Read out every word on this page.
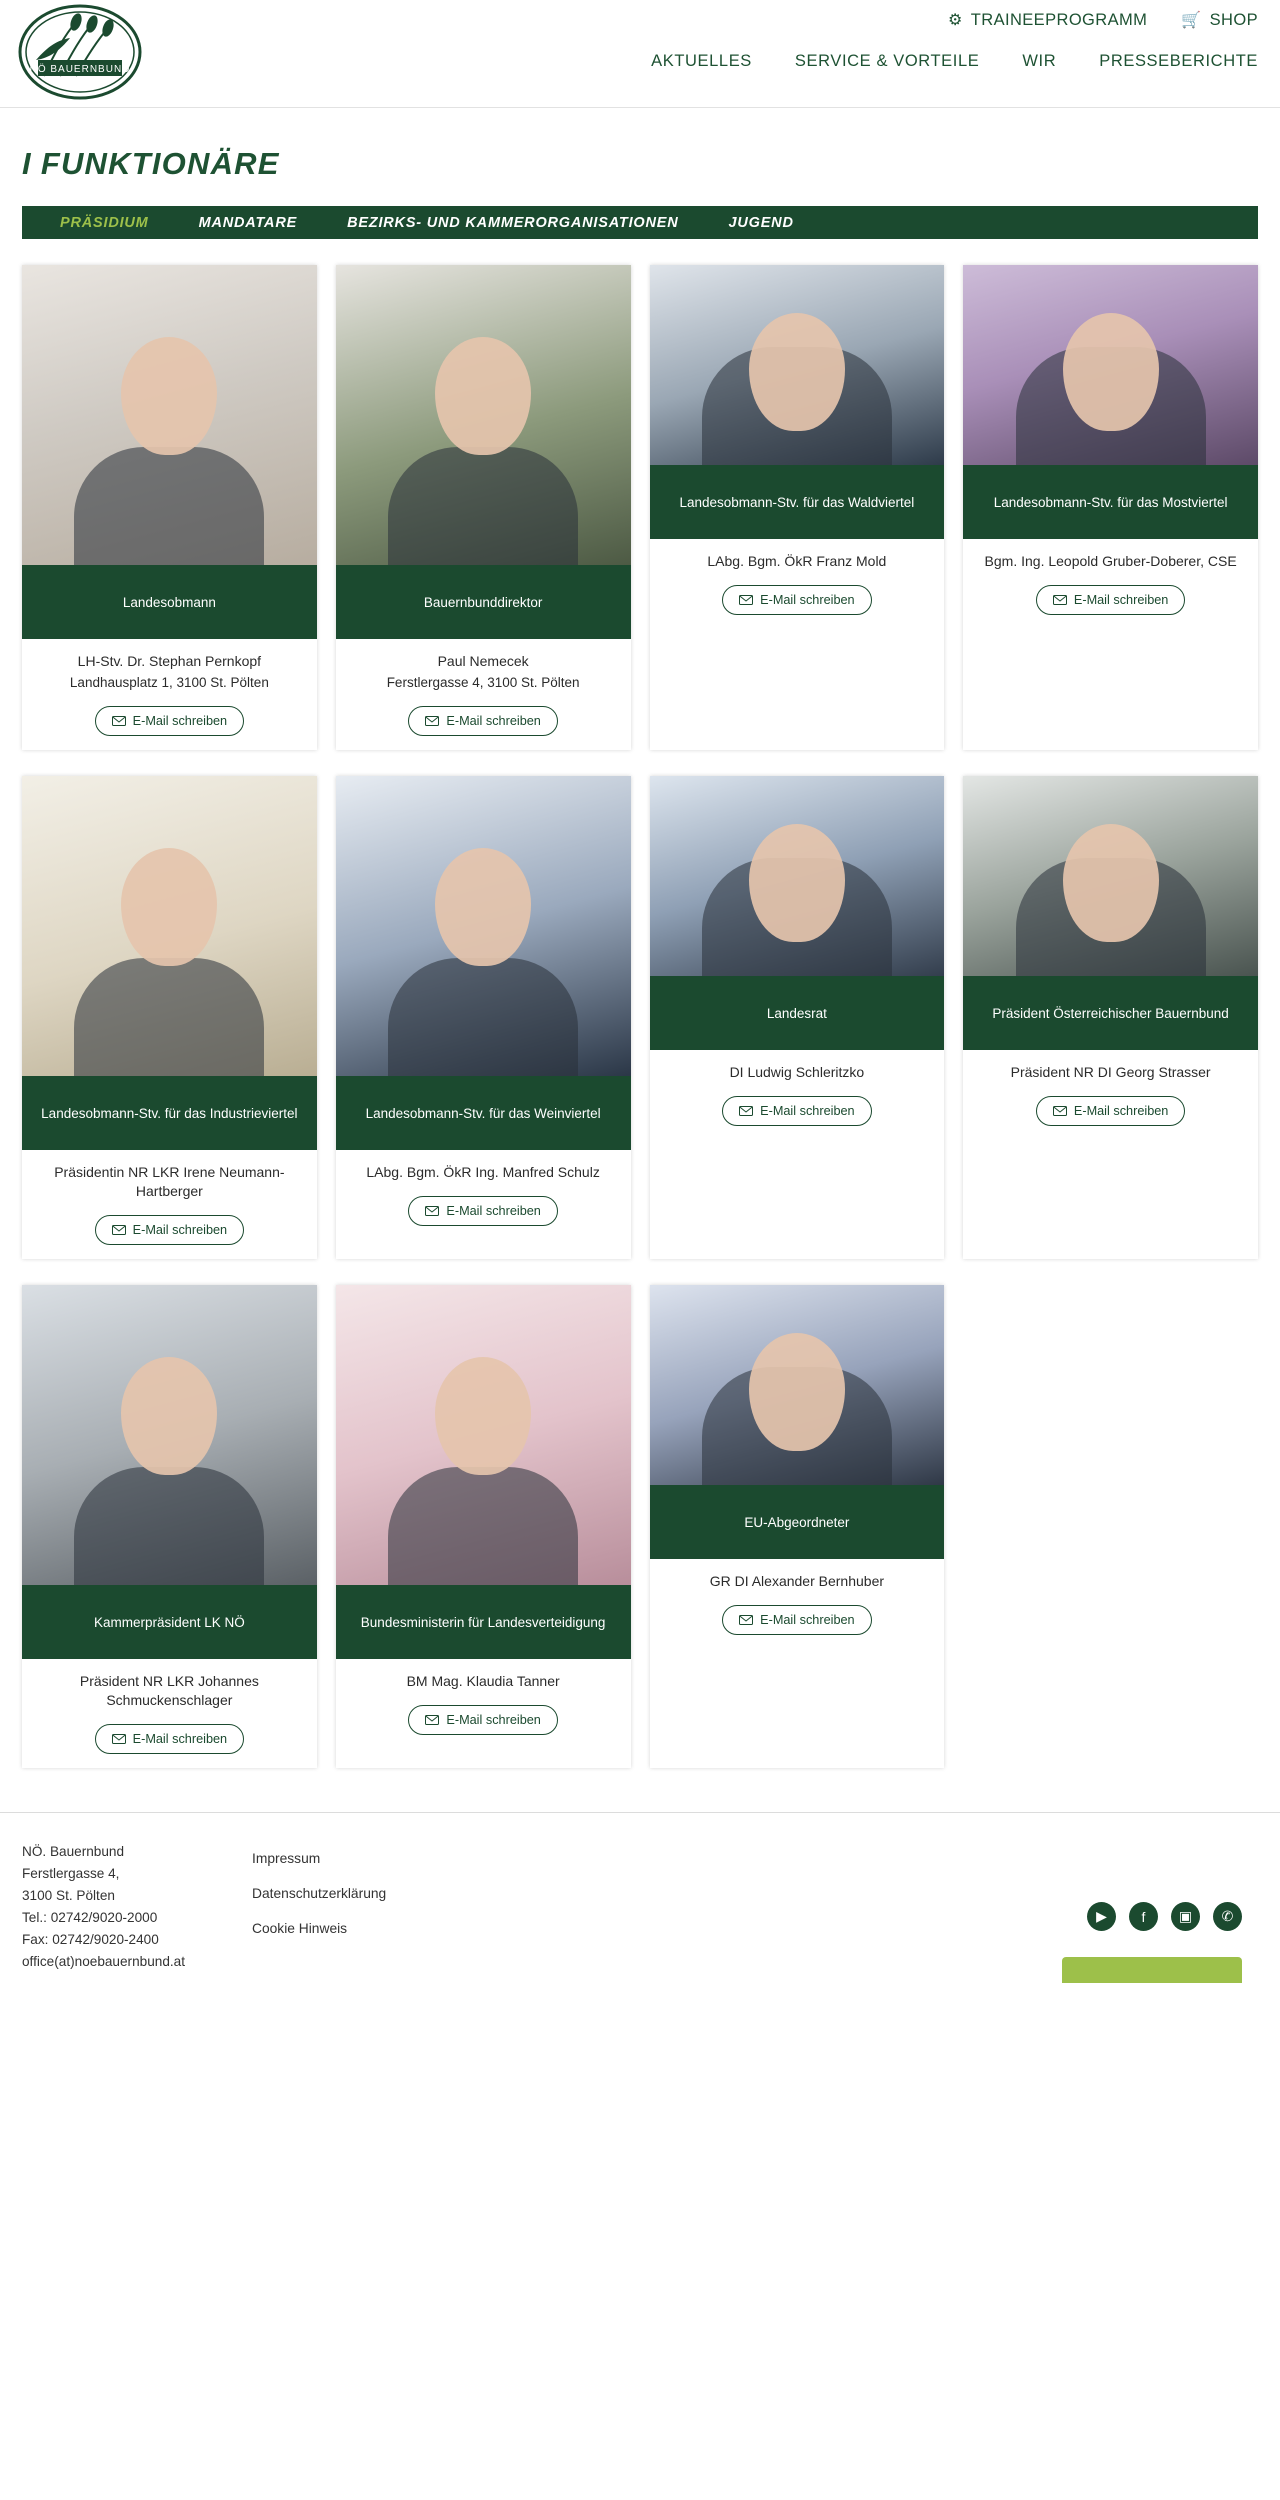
NÖ BAUERNBUND
⚙ TRAINEEPROGRAMM 🛒 SHOP
AKTUELLES	SERVICE & VORTEILE	WIR	PRESSEBERICHTE
I FUNKTIONÄRE
PRÄSIDIUM	MANDATARE	BEZIRKS- UND KAMMERORGANISATIONEN	JUGEND
Landesobmann
LH-Stv. Dr. Stephan Pernkopf
Landhausplatz 1, 3100 St. Pölten
E-Mail schreiben
Bauernbunddirektor
Paul Nemecek
Ferstlergasse 4, 3100 St. Pölten
E-Mail schreiben
Landesobmann-Stv. für das Waldviertel
LAbg. Bgm. ÖkR Franz Mold
E-Mail schreiben
Landesobmann-Stv. für das Mostviertel
Bgm. Ing. Leopold Gruber-Doberer, CSE
E-Mail schreiben
Landesobmann-Stv. für das Industrieviertel
Präsidentin NR LKR Irene Neumann-Hartberger
E-Mail schreiben
Landesobmann-Stv. für das Weinviertel
LAbg. Bgm. ÖkR Ing. Manfred Schulz
E-Mail schreiben
Landesrat
DI Ludwig Schleritzko
E-Mail schreiben
Präsident Österreichischer Bauernbund
Präsident NR DI Georg Strasser
E-Mail schreiben
Kammerpräsident LK NÖ
Präsident NR LKR Johannes Schmuckenschlager
E-Mail schreiben
Bundesministerin für Landesverteidigung
BM Mag. Klaudia Tanner
E-Mail schreiben
EU-Abgeordneter
GR DI Alexander Bernhuber
E-Mail schreiben
NÖ. Bauernbund
Ferstlergasse 4,
3100 St. Pölten
Tel.: 02742/9020-2000
Fax: 02742/9020-2400
office(at)noebauernbund.at
Impressum
Datenschutzerklärung
Cookie Hinweis
▶	f	▣	✆
